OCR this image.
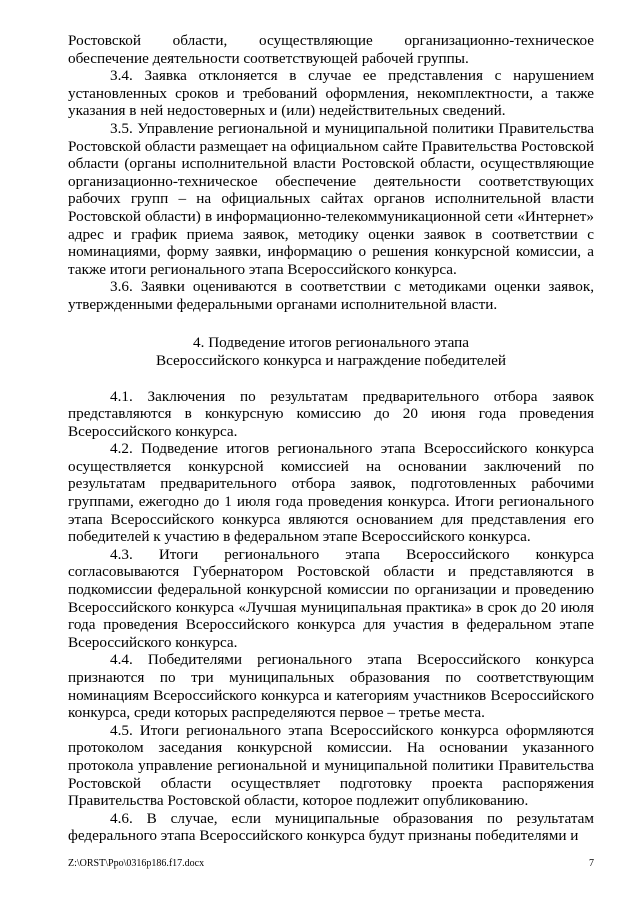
Ростовской области, осуществляющие организационно-техническое обеспечение деятельности соответствующей рабочей группы.

3.4. Заявка отклоняется в случае ее представления с нарушением установленных сроков и требований оформления, некомплектности, а также указания в ней недостоверных и (или) недействительных сведений.

3.5. Управление региональной и муниципальной политики Правительства Ростовской области размещает на официальном сайте Правительства Ростовской области (органы исполнительной власти Ростовской области, осуществляющие организационно-техническое обеспечение деятельности соответствующих рабочих групп – на официальных сайтах органов исполнительной власти Ростовской области) в информационно-телекоммуникационной сети «Интернет» адрес и график приема заявок, методику оценки заявок в соответствии с номинациями, форму заявки, информацию о решения конкурсной комиссии, а также итоги регионального этапа Всероссийского конкурса.

3.6. Заявки оцениваются в соответствии с методиками оценки заявок, утвержденными федеральными органами исполнительной власти.

4. Подведение итогов регионального этапа
Всероссийского конкурса и награждение победителей

4.1. Заключения по результатам предварительного отбора заявок представляются в конкурсную комиссию до 20 июня года проведения Всероссийского конкурса.

4.2. Подведение итогов регионального этапа Всероссийского конкурса осуществляется конкурсной комиссией на основании заключений по результатам предварительного отбора заявок, подготовленных рабочими группами, ежегодно до 1 июля года проведения конкурса. Итоги регионального этапа Всероссийского конкурса являются основанием для представления его победителей к участию в федеральном этапе Всероссийского конкурса.

4.3. Итоги регионального этапа Всероссийского конкурса согласовываются Губернатором Ростовской области и представляются в подкомиссии федеральной конкурсной комиссии по организации и проведению Всероссийского конкурса «Лучшая муниципальная практика» в срок до 20 июля года проведения Всероссийского конкурса для участия в федеральном этапе Всероссийского конкурса.

4.4. Победителями регионального этапа Всероссийского конкурса признаются по три муниципальных образования по соответствующим номинациям Всероссийского конкурса и категориям участников Всероссийского конкурса, среди которых распределяются первое – третье места.

4.5. Итоги регионального этапа Всероссийского конкурса оформляются протоколом заседания конкурсной комиссии. На основании указанного протокола управление региональной и муниципальной политики Правительства Ростовской области осуществляет подготовку проекта распоряжения Правительства Ростовской области, которое подлежит опубликованию.

4.6. В случае, если муниципальные образования по результатам федерального этапа Всероссийского конкурса будут признаны победителями и

Z:\ORST\Ppo\0316p186.f17.docx	7
